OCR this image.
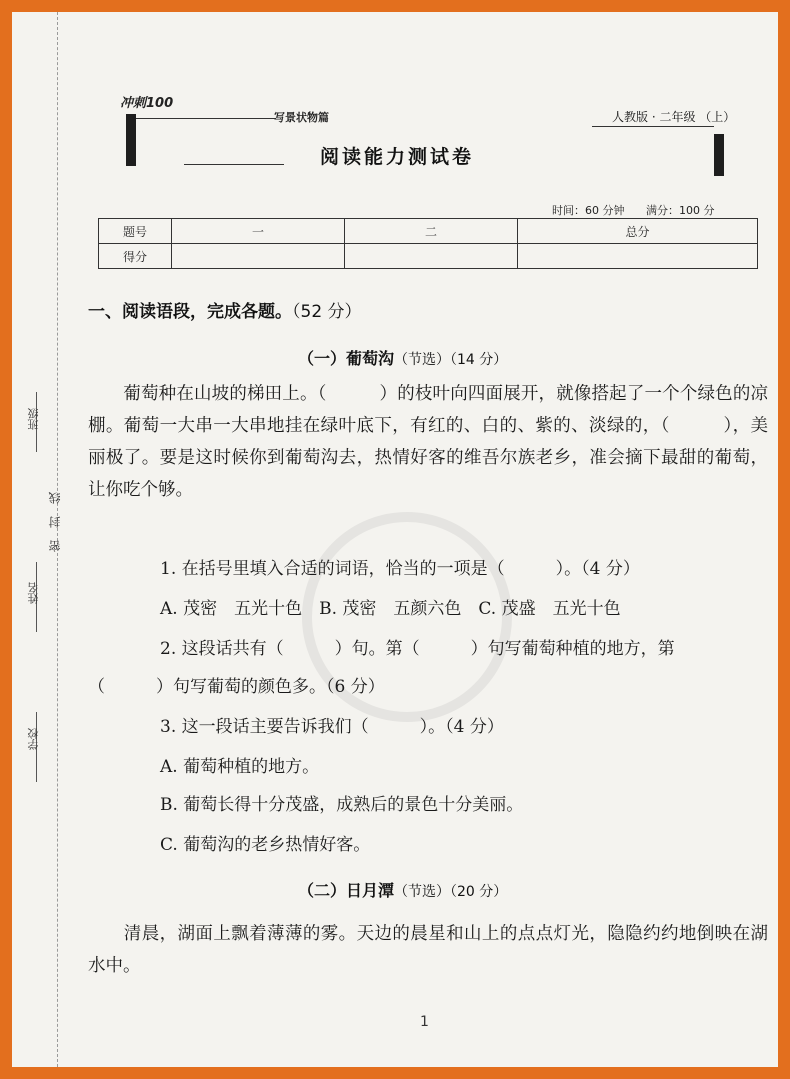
班级
姓名
学校
密　封　线
冲刺100
写景状物篇	人教版 · 二年级 （上）
阅读能力测试卷
时间：60 分钟 满分：100 分
题号	一	二	总分
得分			
一、阅读语段，完成各题。（52 分）
（一）葡萄沟（节选）（14 分）
　　葡萄种在山坡的梯田上。（　　　）的枝叶向四面展开，就像搭起了一个个绿色的凉棚。葡萄一大串一大串地挂在绿叶底下，有红的、白的、紫的、淡绿的，（　　　），美丽极了。要是这时候你到葡萄沟去，热情好客的维吾尔族老乡，准会摘下最甜的葡萄，让你吃个够。
1. 在括号里填入合适的词语，恰当的一项是（　　　）。（4 分）
A. 茂密　五光十色　B. 茂密　五颜六色　C. 茂盛　五光十色
2. 这段话共有（　　　）句。第（　　　）句写葡萄种植的地方，第
（　　　）句写葡萄的颜色多。（6 分）
3. 这一段话主要告诉我们（　　　）。（4 分）
A. 葡萄种植的地方。
B. 葡萄长得十分茂盛，成熟后的景色十分美丽。
C. 葡萄沟的老乡热情好客。
（二）日月潭（节选）（20 分）
　　清晨，湖面上飘着薄薄的雾。天边的晨星和山上的点点灯光，隐隐约约地倒映在湖水中。
1
